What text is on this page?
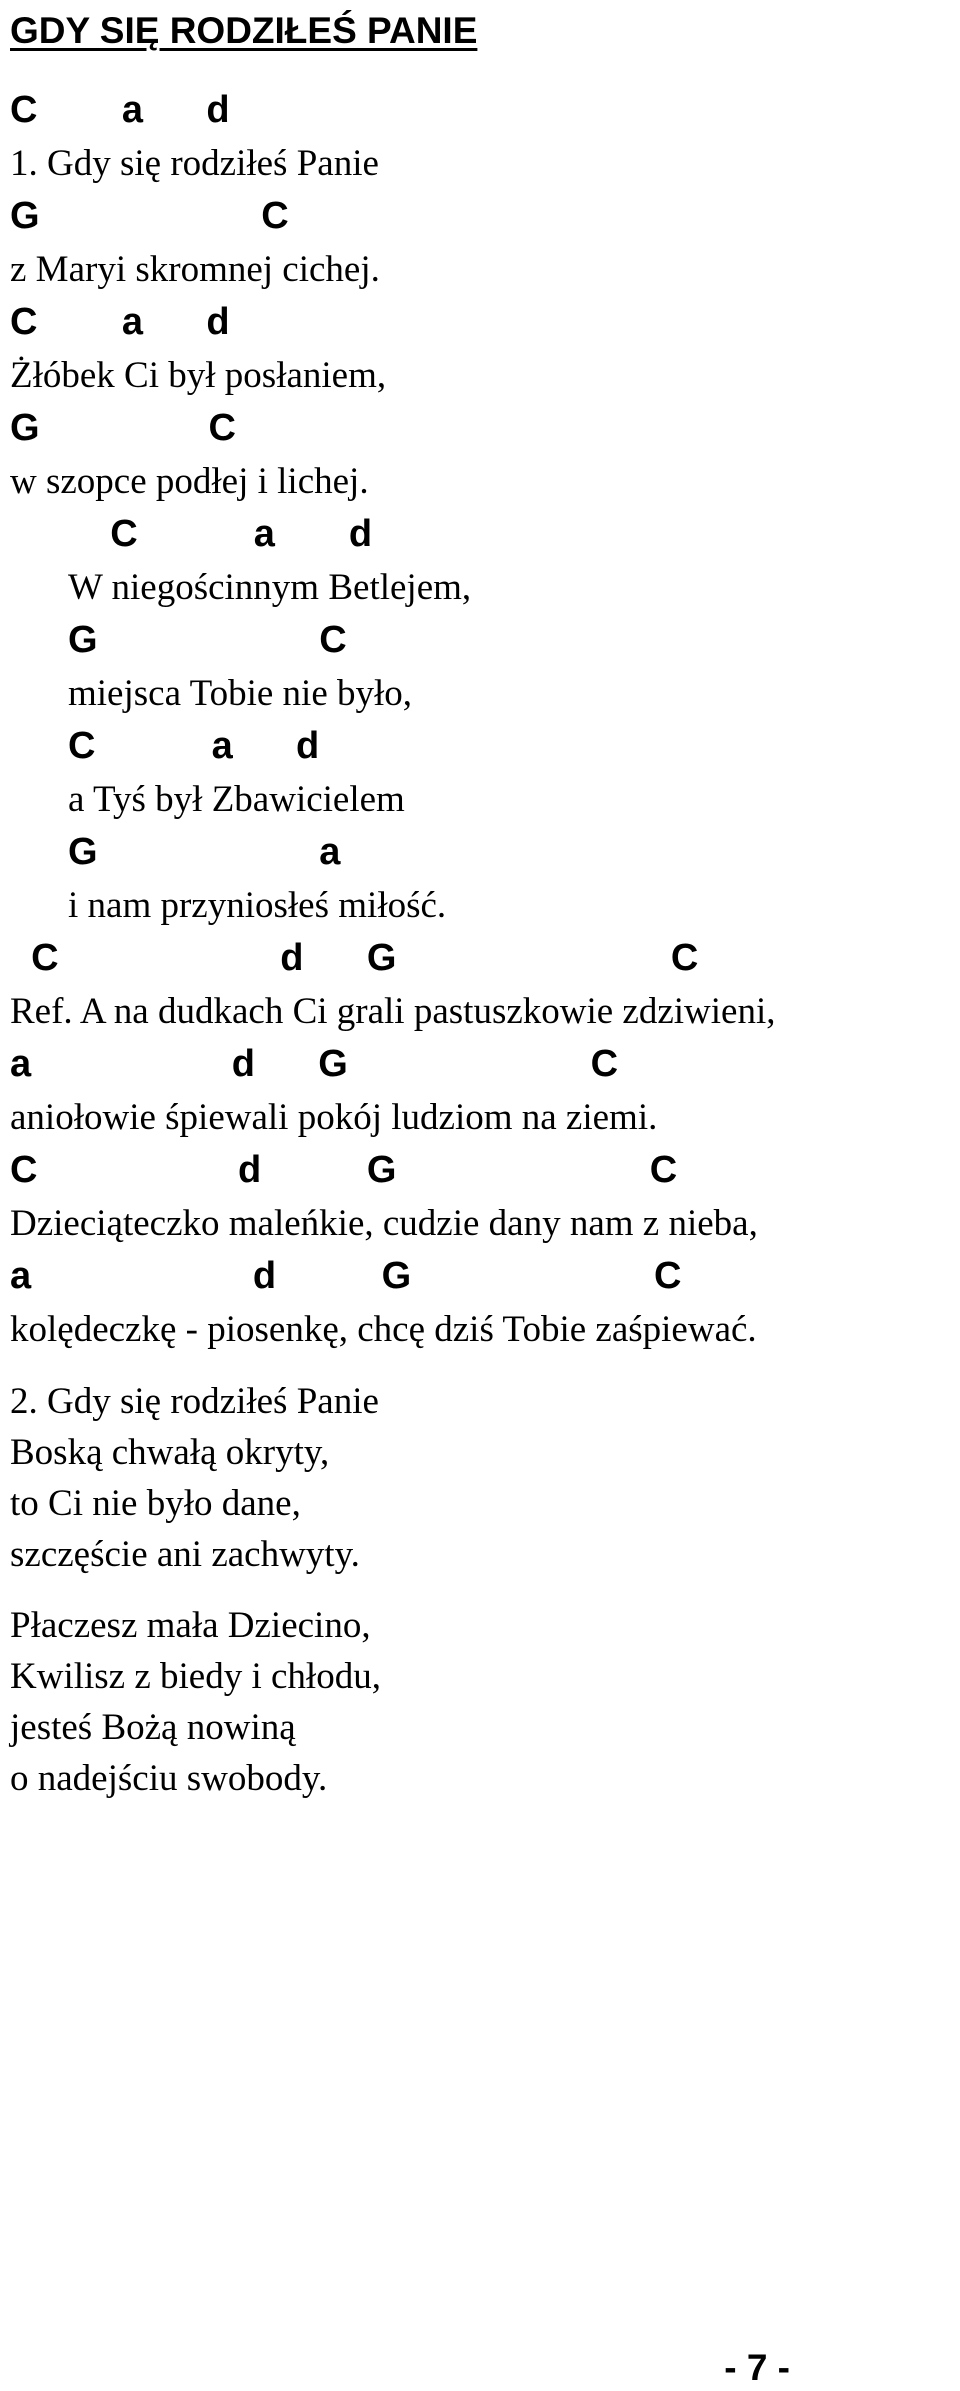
GDY SIĘ RODZIŁEŚ PANIE
C        a      d
1. Gdy się rodziłeś Panie
G                     C
z Maryi skromnej cichej.
C        a      d
Żłóbek Ci był posłaniem,
G                C
w szopce podłej i lichej.
C           a       d
W niegościnnym Betlejem,
G                     C
miejsca Tobie nie było,
C           a      d
a Tyś był Zbawicielem
G                     a
i nam przyniosłeś miłość.
C                     d      G                          C
Ref. A na dudkach Ci grali pastuszkowie zdziwieni,
a                   d      G                       C
aniołowie śpiewali pokój ludziom na ziemi.
C                   d          G                        C
Dzieciąteczko maleńkie, cudzie dany nam z nieba,
a                     d          G                       C
kolędeczkę - piosenkę, chcę dziś Tobie zaśpiewać.
2. Gdy się rodziłeś Panie
Boską chwałą okryty,
to Ci nie było dane,
szczęście ani zachwyty.
Płaczesz mała Dziecino,
Kwilisz z biedy i chłodu,
jesteś Bożą nowiną
o nadejściu swobody.
- 7 -
